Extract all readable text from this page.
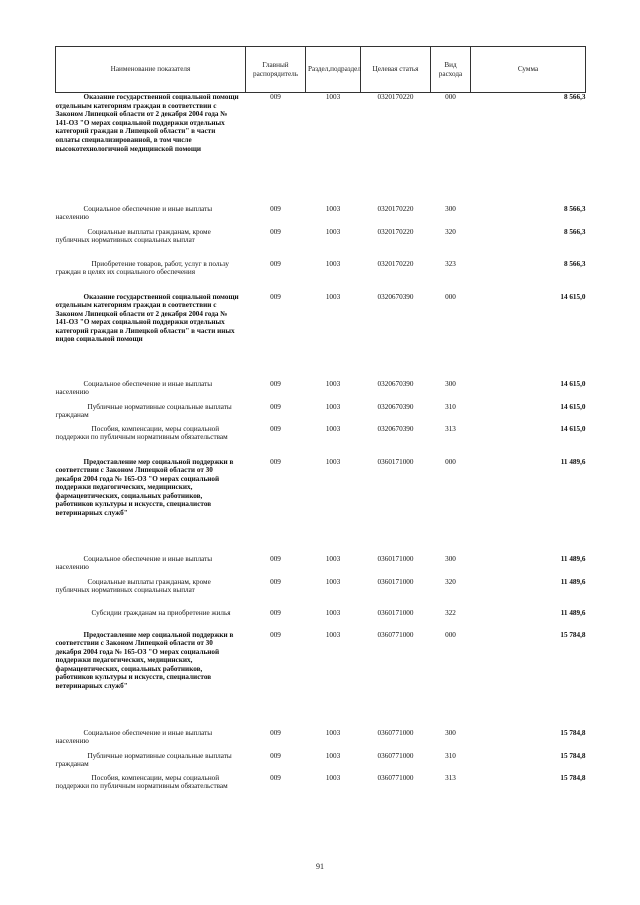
Наименование показателя	Главный распорядитель	Раздел,подраздел	Целевая статья	Вид расхода	Сумма
Оказание государственной социальной помощи отдельным категориям граждан в соответствии с Законом Липецкой области от 2 декабря 2004 года № 141-ОЗ "О мерах социальной поддержки отдельных категорий граждан в Липецкой области" в части оплаты специализированной, в том числе высокотехнологичной медицинской помощи	009	1003	0320170220	000	8 566,3
Социальное обеспечение и иные выплаты населению	009	1003	0320170220	300	8 566,3
Социальные выплаты гражданам, кроме публичных нормативных социальных выплат	009	1003	0320170220	320	8 566,3
Приобретение товаров, работ, услуг в пользу граждан в целях их социального обеспечения	009	1003	0320170220	323	8 566,3
Оказание государственной социальной помощи отдельным категориям граждан в соответствии с Законом Липецкой области от 2 декабря 2004 года № 141-ОЗ "О мерах социальной поддержки отдельных категорий граждан в Липецкой области" в части иных видов социальной помощи	009	1003	0320670390	000	14 615,0
Социальное обеспечение и иные выплаты населению	009	1003	0320670390	300	14 615,0
Публичные нормативные социальные выплаты гражданам	009	1003	0320670390	310	14 615,0
Пособия, компенсации, меры социальной поддержки по публичным нормативным обязательствам	009	1003	0320670390	313	14 615,0
Предоставление мер социальной поддержки в соответствии с Законом Липецкой области от 30 декабря 2004 года № 165-ОЗ "О мерах социальной поддержки педагогических, медицинских, фармацевтических, социальных работников, работников культуры и искусств, специалистов ветеринарных служб"	009	1003	0360171000	000	11 489,6
Социальное обеспечение и иные выплаты населению	009	1003	0360171000	300	11 489,6
Социальные выплаты гражданам, кроме публичных нормативных социальных выплат	009	1003	0360171000	320	11 489,6
Субсидии гражданам на приобретение жилья	009	1003	0360171000	322	11 489,6
Предоставление мер социальной поддержки в соответствии с Законом Липецкой области от 30 декабря 2004 года № 165-ОЗ "О мерах социальной поддержки педагогических, медицинских, фармацевтических, социальных работников, работников культуры и искусств, специалистов ветеринарных служб"	009	1003	0360771000	000	15 784,8
Социальное обеспечение и иные выплаты населению	009	1003	0360771000	300	15 784,8
Публичные нормативные социальные выплаты гражданам	009	1003	0360771000	310	15 784,8
Пособия, компенсации, меры социальной поддержки по публичным нормативным обязательствам	009	1003	0360771000	313	15 784,8
91
